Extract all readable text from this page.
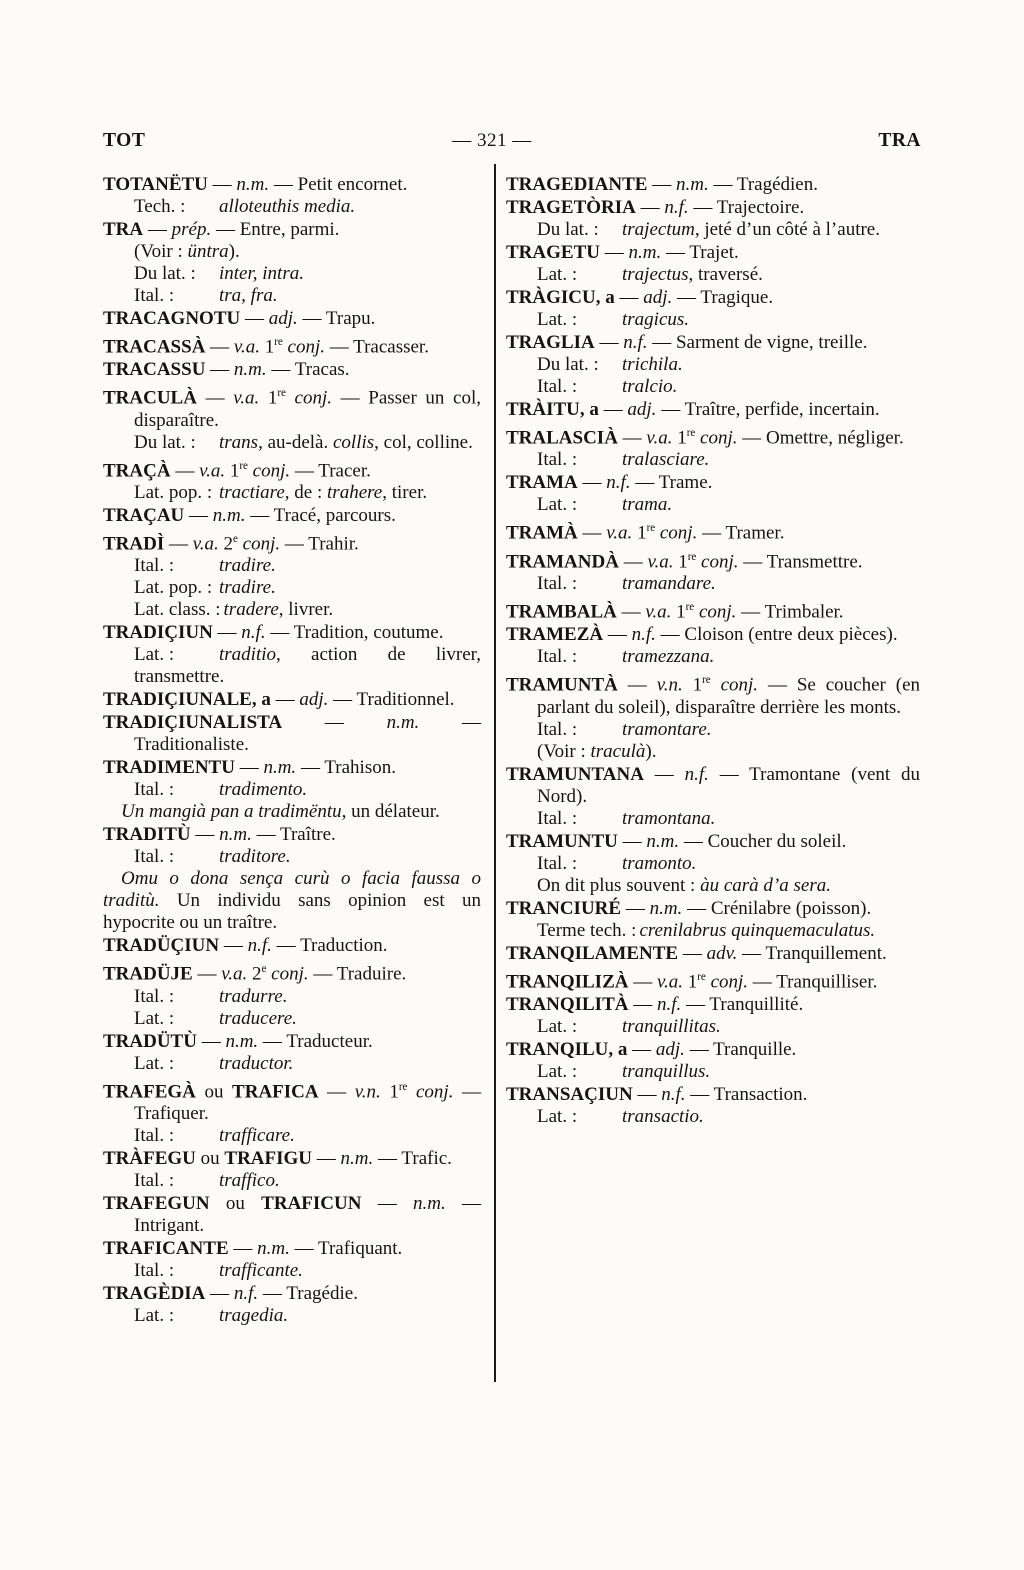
TOT	— 321 —	TRA

TOTANËTU — n.m. — Petit encornet.

Tech. : alloteuthis media.

TRA — prép. — Entre, parmi.

(Voir : üntra).

Du lat. : inter, intra.

Ital. : tra, fra.

TRACAGNOTU — adj. — Trapu.

TRACASSÀ — v.a. 1re conj. — Tracasser.

TRACASSU — n.m. — Tracas.

TRACULÀ — v.a. 1re conj. — Passer un col, disparaître.

Du lat. : trans, au-delà. collis, col, colline.

TRAÇÀ — v.a. 1re conj. — Tracer.

Lat. pop. : tractiare, de : trahere, tirer.

TRAÇAU — n.m. — Tracé, parcours.

TRADÌ — v.a. 2e conj. — Trahir.

Ital. : tradire.

Lat. pop. : tradire.

Lat. class. : tradere, livrer.

TRADIÇIUN — n.f. — Tradition, coutume.

Lat. : traditio, action de livrer, transmettre.

TRADIÇIUNALE, a — adj. — Traditionnel.

TRADIÇIUNALISTA — n.m. — Traditionaliste.

TRADIMENTU — n.m. — Trahison.

Ital. : tradimento.

Un mangià pan a tradimëntu, un délateur.

TRADITÙ — n.m. — Traître.

Ital. : traditore.

Omu o dona sença curù o facia faussa o traditù. Un individu sans opinion est un hypocrite ou un traître.

TRADÜÇIUN — n.f. — Traduction.

TRADÜJE — v.a. 2e conj. — Traduire.

Ital. : tradurre.

Lat. : traducere.

TRADÜTÙ — n.m. — Traducteur.

Lat. : traductor.

TRAFEGÀ ou TRAFICA — v.n. 1re conj. — Trafiquer.

Ital. : trafficare.

TRÀFEGU ou TRAFIGU — n.m. — Trafic.

Ital. : traffico.

TRAFEGUN ou TRAFICUN — n.m. — Intrigant.

TRAFICANTE — n.m. — Trafiquant.

Ital. : trafficante.

TRAGÈDIA — n.f. — Tragédie.

Lat. : tragedia.

TRAGEDIANTE — n.m. — Tragédien.

TRAGETÒRIA — n.f. — Trajectoire.

Du lat. : trajectum, jeté d’un côté à l’autre.

TRAGETU — n.m. — Trajet.

Lat. : trajectus, traversé.

TRÀGICU, a — adj. — Tragique.

Lat. : tragicus.

TRAGLIA — n.f. — Sarment de vigne, treille.

Du lat. : trichila.

Ital. : tralcio.

TRÀITU, a — adj. — Traître, perfide, incertain.

TRALASCIÀ — v.a. 1re conj. — Omettre, négliger.

Ital. : tralasciare.

TRAMA — n.f. — Trame.

Lat. : trama.

TRAMÀ — v.a. 1re conj. — Tramer.

TRAMANDÀ — v.a. 1re conj. — Transmettre.

Ital. : tramandare.

TRAMBALÀ — v.a. 1re conj. — Trimbaler.

TRAMEZÀ — n.f. — Cloison (entre deux pièces).

Ital. : tramezzana.

TRAMUNTÀ — v.n. 1re conj. — Se coucher (en parlant du soleil), disparaître derrière les monts.

Ital. : tramontare.

(Voir : traculà).

TRAMUNTANA — n.f. — Tramontane (vent du Nord).

Ital. : tramontana.

TRAMUNTU — n.m. — Coucher du soleil.

Ital. : tramonto.

On dit plus souvent : àu carà d’a sera.

TRANCIURÉ — n.m. — Crénilabre (poisson).

Terme tech. : crenilabrus quinquemaculatus.

TRANQILAMENTE — adv. — Tranquillement.

TRANQILIZÀ — v.a. 1re conj. — Tranquilliser.

TRANQILITÀ — n.f. — Tranquillité.

Lat. : tranquillitas.

TRANQILU, a — adj. — Tranquille.

Lat. : tranquillus.

TRANSAÇIUN — n.f. — Transaction.

Lat. : transactio.
